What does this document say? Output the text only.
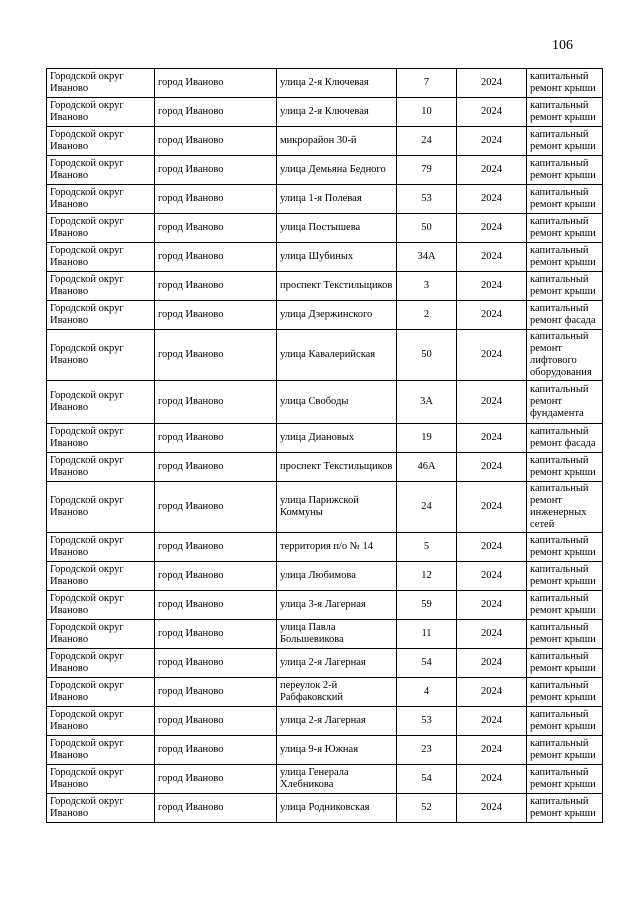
106
Городской округ Иваново	город Иваново	улица 2-я Ключевая	7	2024	капитальный ремонт крыши
Городской округ Иваново	город Иваново	улица 2-я Ключевая	10	2024	капитальный ремонт крыши
Городской округ Иваново	город Иваново	микрорайон 30-й	24	2024	капитальный ремонт крыши
Городской округ Иваново	город Иваново	улица Демьяна Бедного	79	2024	капитальный ремонт крыши
Городской округ Иваново	город Иваново	улица 1-я Полевая	53	2024	капитальный ремонт крыши
Городской округ Иваново	город Иваново	улица Постышева	50	2024	капитальный ремонт крыши
Городской округ Иваново	город Иваново	улица Шубиных	34А	2024	капитальный ремонт крыши
Городской округ Иваново	город Иваново	проспект Текстильщиков	3	2024	капитальный ремонт крыши
Городской округ Иваново	город Иваново	улица Дзержинского	2	2024	капитальный ремонт фасада
Городской округ Иваново	город Иваново	улица Кавалерийская	50	2024	капитальный ремонт лифтового оборудования
Городской округ Иваново	город Иваново	улица Свободы	3А	2024	капитальный ремонт фундамента
Городской округ Иваново	город Иваново	улица Диановых	19	2024	капитальный ремонт фасада
Городской округ Иваново	город Иваново	проспект Текстильщиков	46А	2024	капитальный ремонт крыши
Городской округ Иваново	город Иваново	улица Парижской Коммуны	24	2024	капитальный ремонт инженерных сетей
Городской округ Иваново	город Иваново	территория п/о № 14	5	2024	капитальный ремонт крыши
Городской округ Иваново	город Иваново	улица Любимова	12	2024	капитальный ремонт крыши
Городской округ Иваново	город Иваново	улица 3-я Лагерная	59	2024	капитальный ремонт крыши
Городской округ Иваново	город Иваново	улица Павла Большевикова	11	2024	капитальный ремонт крыши
Городской округ Иваново	город Иваново	улица 2-я Лагерная	54	2024	капитальный ремонт крыши
Городской округ Иваново	город Иваново	переулок 2-й Рабфаковский	4	2024	капитальный ремонт крыши
Городской округ Иваново	город Иваново	улица 2-я Лагерная	53	2024	капитальный ремонт крыши
Городской округ Иваново	город Иваново	улица 9-я Южная	23	2024	капитальный ремонт крыши
Городской округ Иваново	город Иваново	улица Генерала Хлебникова	54	2024	капитальный ремонт крыши
Городской округ Иваново	город Иваново	улица Родниковская	52	2024	капитальный ремонт крыши
